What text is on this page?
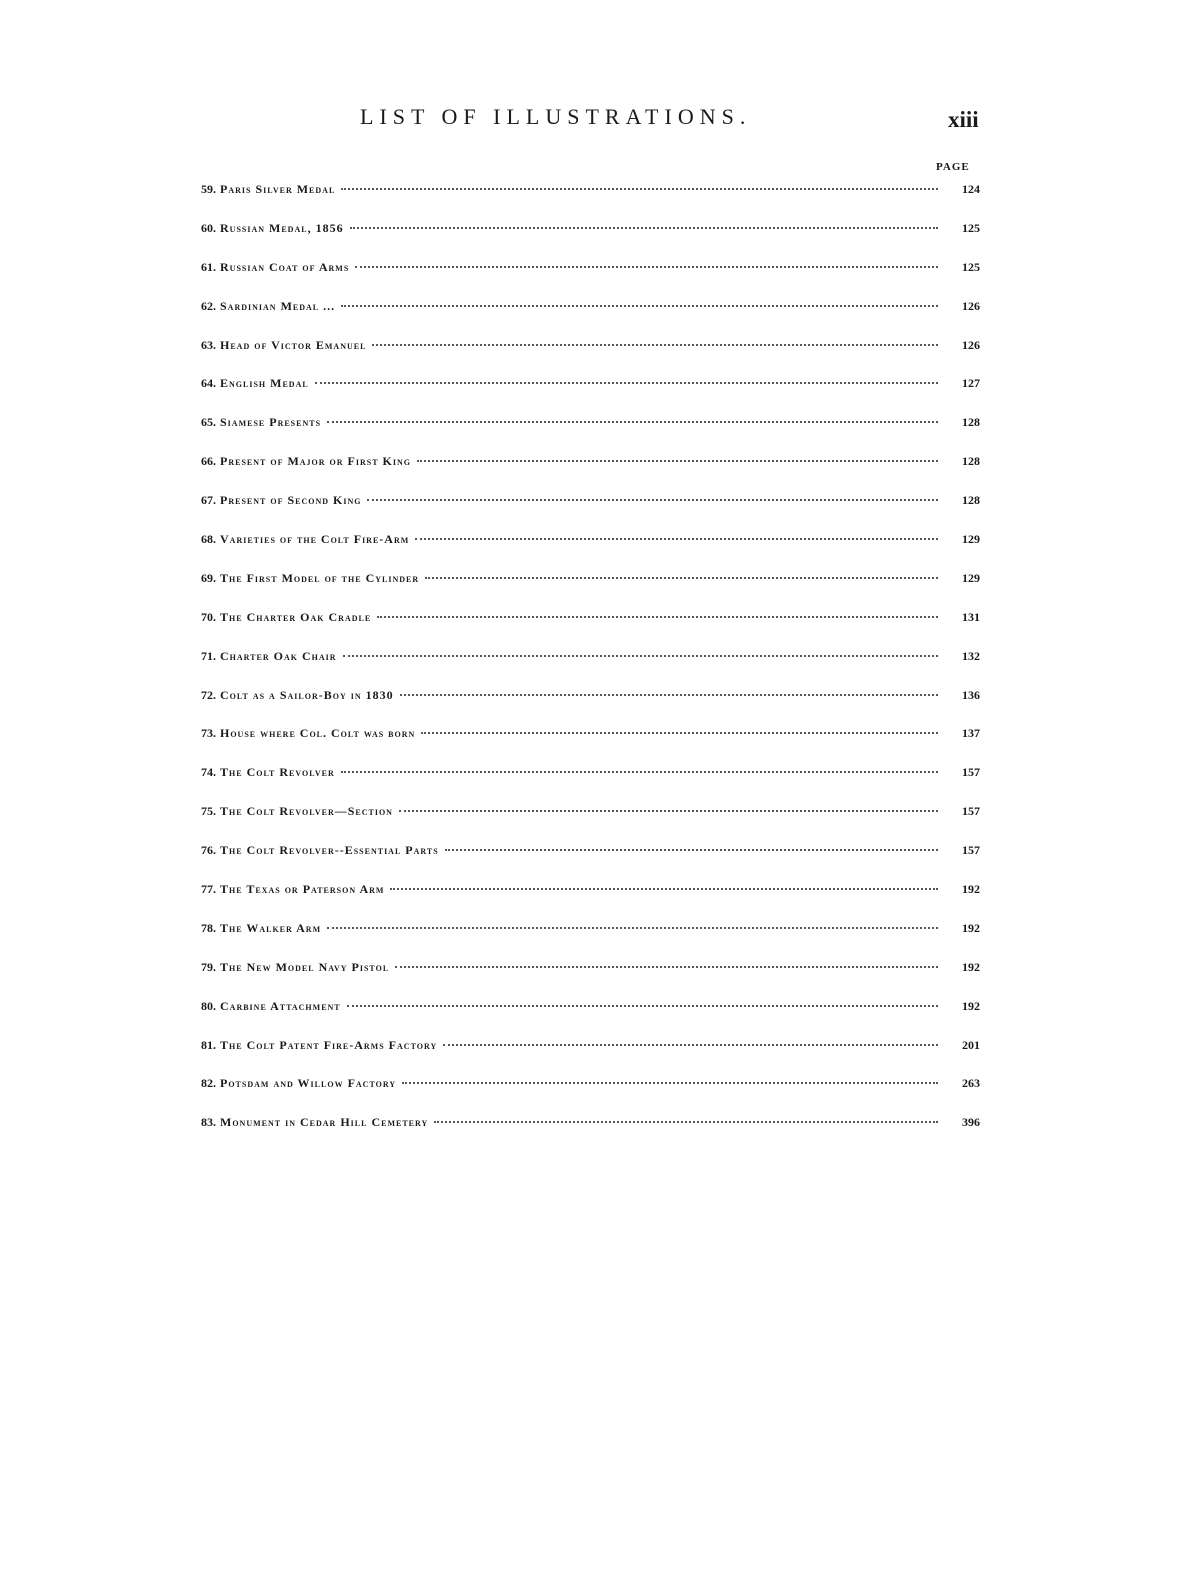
LIST OF ILLUSTRATIONS.	xiii
PAGE
59. Paris Silver Medal	124
60. Russian Medal, 1856	125
61. Russian Coat of Arms	125
62. Sardinian Medal ...	126
63. Head of Victor Emanuel	126
64. English Medal	127
65. Siamese Presents	128
66. Present of Major or First King	128
67. Present of Second King	128
68. Varieties of the Colt Fire-Arm	129
69. The First Model of the Cylinder	129
70. The Charter Oak Cradle	131
71. Charter Oak Chair	132
72. Colt as a Sailor-Boy in 1830	136
73. House where Col. Colt was born	137
74. The Colt Revolver	157
75. The Colt Revolver—Section	157
76. The Colt Revolver--Essential Parts	157
77. The Texas or Paterson Arm	192
78. The Walker Arm	192
79. The New Model Navy Pistol	192
80. Carbine Attachment	192
81. The Colt Patent Fire-Arms Factory	201
82. Potsdam and Willow Factory	263
83. Monument in Cedar Hill Cemetery	396
